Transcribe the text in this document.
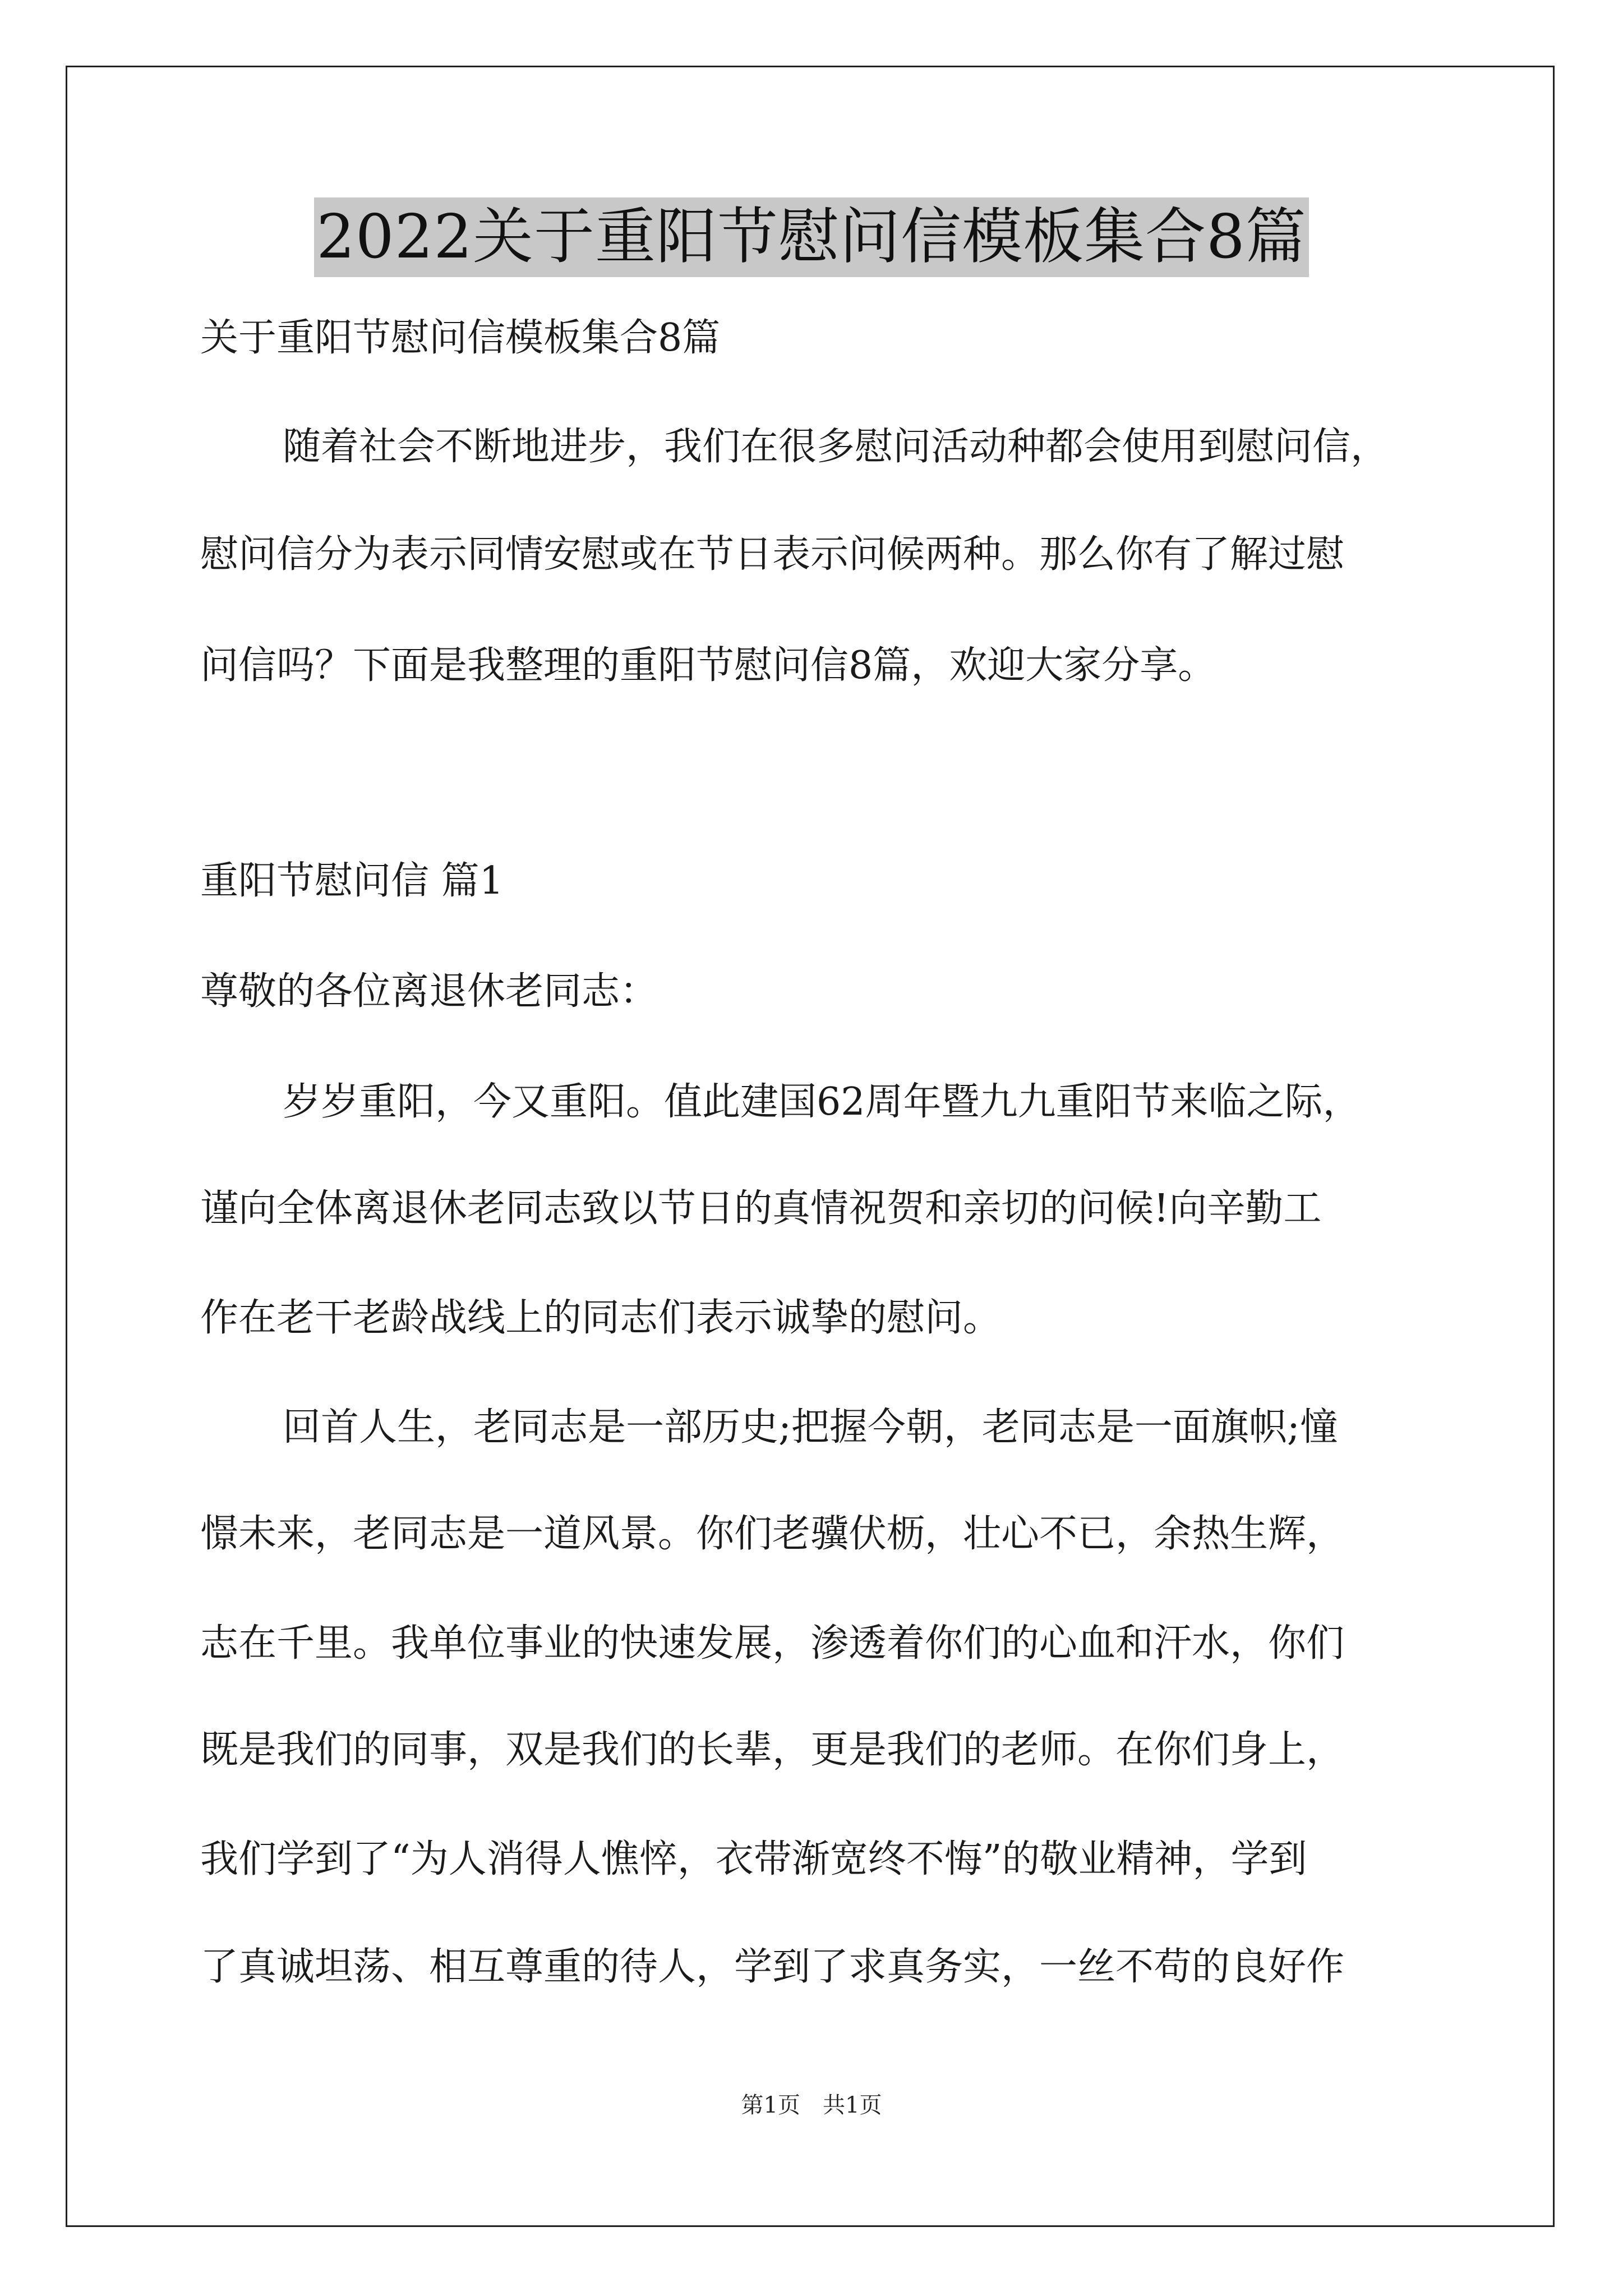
2022关于重阳节慰问信模板集合8篇
关于重阳节慰问信模板集合8篇
随着社会不断地进步，我们在很多慰问活动种都会使用到慰问信，
慰问信分为表示同情安慰或在节日表示问候两种。那么你有了解过慰
问信吗？下面是我整理的重阳节慰问信8篇，欢迎大家分享。
重阳节慰问信 篇1
尊敬的各位离退休老同志：
岁岁重阳，今又重阳。值此建国62周年暨九九重阳节来临之际，
谨向全体离退休老同志致以节日的真情祝贺和亲切的问候!向辛勤工
作在老干老龄战线上的同志们表示诚挚的慰问。
回首人生，老同志是一部历史;把握今朝，老同志是一面旗帜;憧
憬未来，老同志是一道风景。你们老骥伏枥，壮心不已，余热生辉，
志在千里。我单位事业的快速发展，渗透着你们的心血和汗水，你们
既是我们的同事，双是我们的长辈，更是我们的老师。在你们身上，
我们学到了“为人消得人憔悴，衣带渐宽终不悔”的敬业精神，学到
了真诚坦荡、相互尊重的待人，学到了求真务实，一丝不苟的良好作
第1页 共1页
